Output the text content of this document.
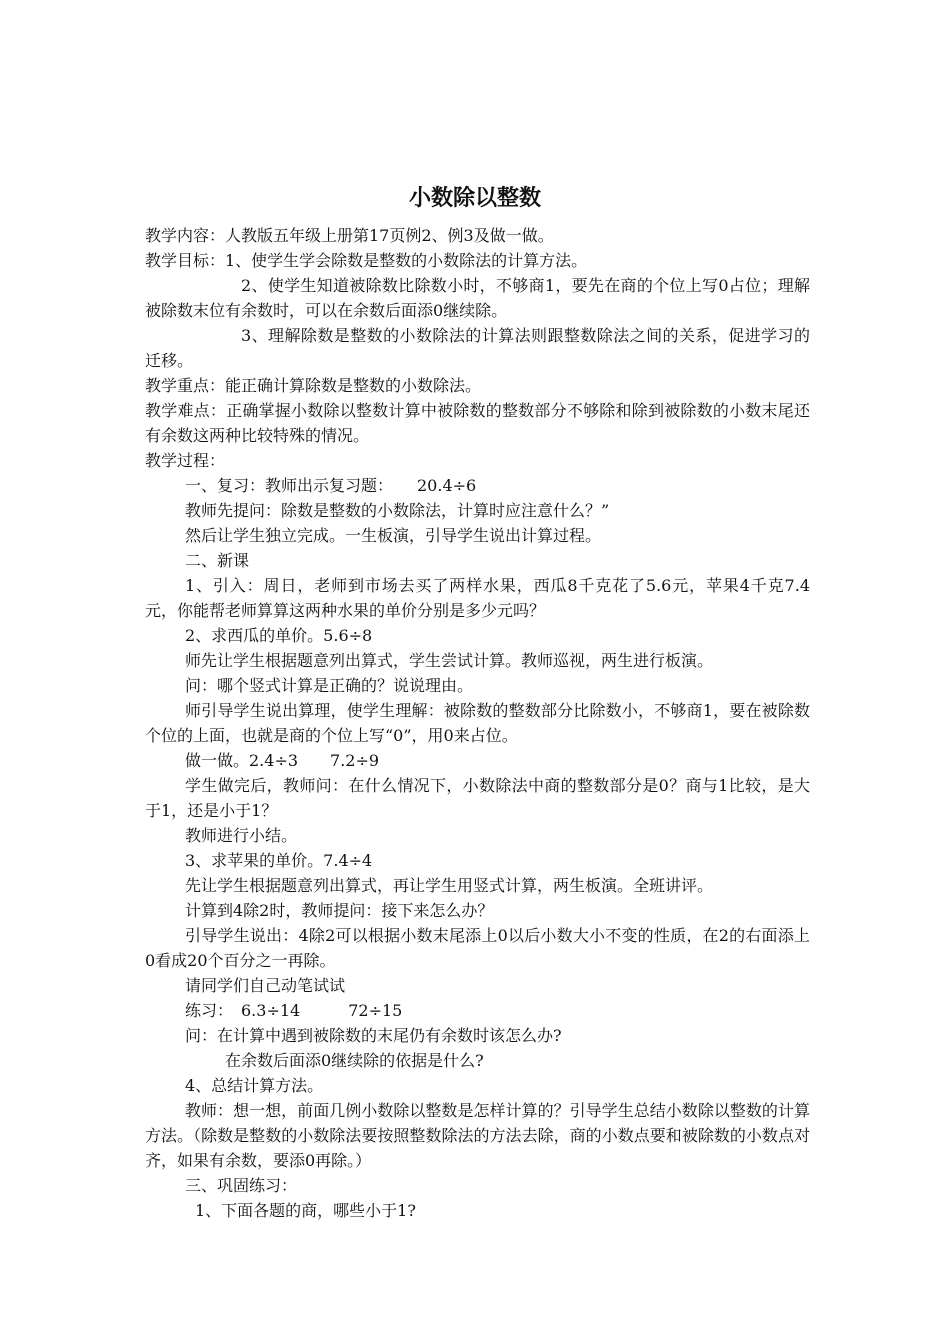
小数除以整数

教学内容：人教版五年级上册第17页例2、例3及做一做。

教学目标：1、使学生学会除数是整数的小数除法的计算方法。

2、使学生知道被除数比除数小时，不够商1，要先在商的个位上写0占位；理解被除数末位有余数时，可以在余数后面添0继续除。

3、理解除数是整数的小数除法的计算法则跟整数除法之间的关系，促进学习的迁移。

教学重点：能正确计算除数是整数的小数除法。

教学难点：正确掌握小数除以整数计算中被除数的整数部分不够除和除到被除数的小数末尾还有余数这两种比较特殊的情况。

教学过程：

一、复习：教师出示复习题：　　20.4÷6

教师先提问：除数是整数的小数除法，计算时应注意什么？”

然后让学生独立完成。一生板演，引导学生说出计算过程。

二、新课

1、引入：周日，老师到市场去买了两样水果，西瓜8千克花了5.6元，苹果4千克7.4元，你能帮老师算算这两种水果的单价分别是多少元吗？

2、求西瓜的单价。5.6÷8

师先让学生根据题意列出算式，学生尝试计算。教师巡视，两生进行板演。

问：哪个竖式计算是正确的？说说理由。

师引导学生说出算理，使学生理解：被除数的整数部分比除数小，不够商1，要在被除数个位的上面，也就是商的个位上写“0”，用0来占位。

做一做。2.4÷3　　7.2÷9

学生做完后，教师问：在什么情况下，小数除法中商的整数部分是0？商与1比较，是大于1，还是小于1？

教师进行小结。

3、求苹果的单价。7.4÷4

先让学生根据题意列出算式，再让学生用竖式计算，两生板演。全班讲评。

计算到4除2时，教师提问：接下来怎么办？

引导学生说出：4除2可以根据小数末尾添上0以后小数大小不变的性质，在2的右面添上0看成20个百分之一再除。

请同学们自己动笔试试

练习：　6.3÷14　　　72÷15

问：在计算中遇到被除数的末尾仍有余数时该怎么办?

在余数后面添0继续除的依据是什么?

4、总结计算方法。

教师：想一想，前面几例小数除以整数是怎样计算的？引导学生总结小数除以整数的计算方法。（除数是整数的小数除法要按照整数除法的方法去除，商的小数点要和被除数的小数点对齐，如果有余数，要添0再除。）

三、巩固练习：

1、下面各题的商，哪些小于1?
